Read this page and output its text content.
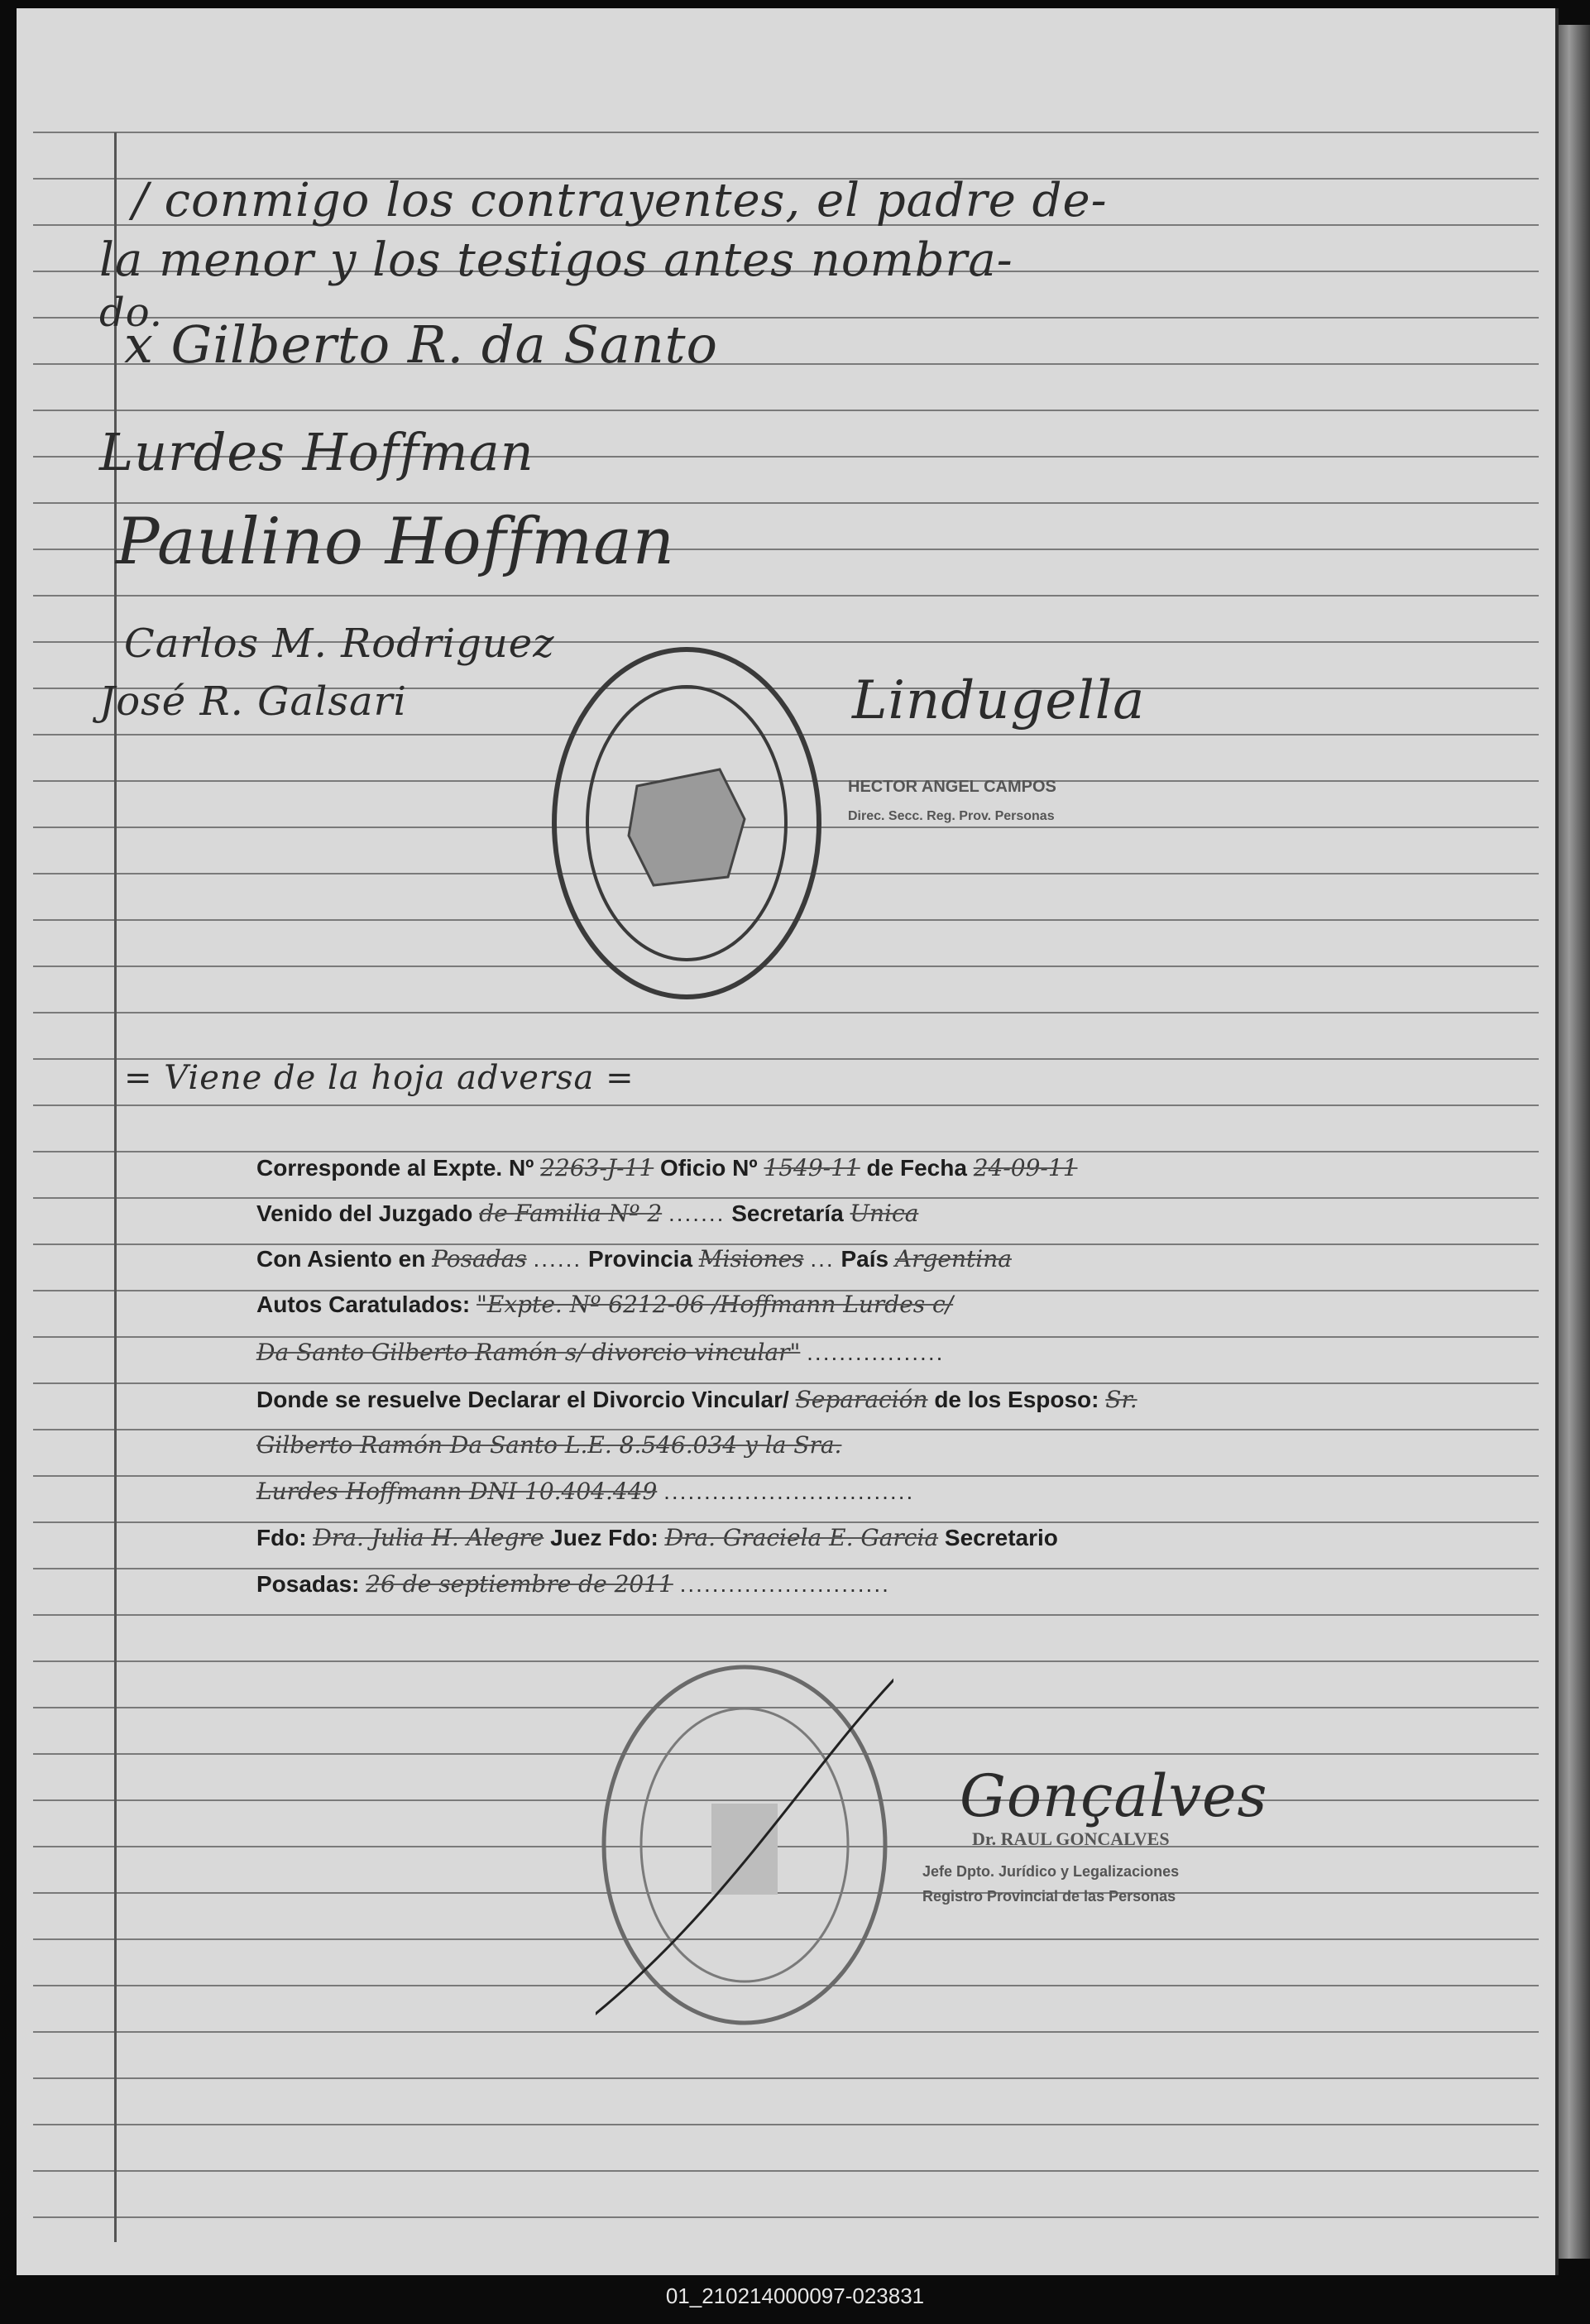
/ conmigo los contrayentes, el padre de-
la menor y los testigos antes nombra-
do.
x Gilberto R. da Santo
Lurdes Hoffman
Paulino Hoffman
Carlos M. Rodriguez
José R. Galsari	Lindugella
HECTOR ANGEL CAMPOS
Direc. Secc. Reg. Prov. Personas
= Viene de la hoja adversa =
Corresponde al Expte. Nº 2263-J-11 Oficio Nº 1549-11 de Fecha 24-09-11
Venido del Juzgado de Familia Nº 2 ....... Secretaría Unica
Con Asiento en Posadas ...... Provincia Misiones ... País Argentina
Autos Caratulados: "Expte. Nº 6212-06 /Hoffmann Lurdes c/
Da Santo Gilberto Ramón s/ divorcio vincular" .................
Donde se resuelve Declarar el Divorcio Vincular/ Separación de los Esposo: Sr.
Gilberto Ramón Da Santo L.E. 8.546.034 y la Sra.
Lurdes Hoffmann DNI 10.404.449 ...............................
Fdo: Dra. Julia H. Alegre Juez Fdo: Dra. Graciela E. Garcia Secretario
Posadas: 26 de septiembre de 2011 ..........................
Gonçalves
Dr. RAUL GONCALVES
Jefe Dpto. Jurídico y Legalizaciones
Registro Provincial de las Personas
01_210214000097-023831
